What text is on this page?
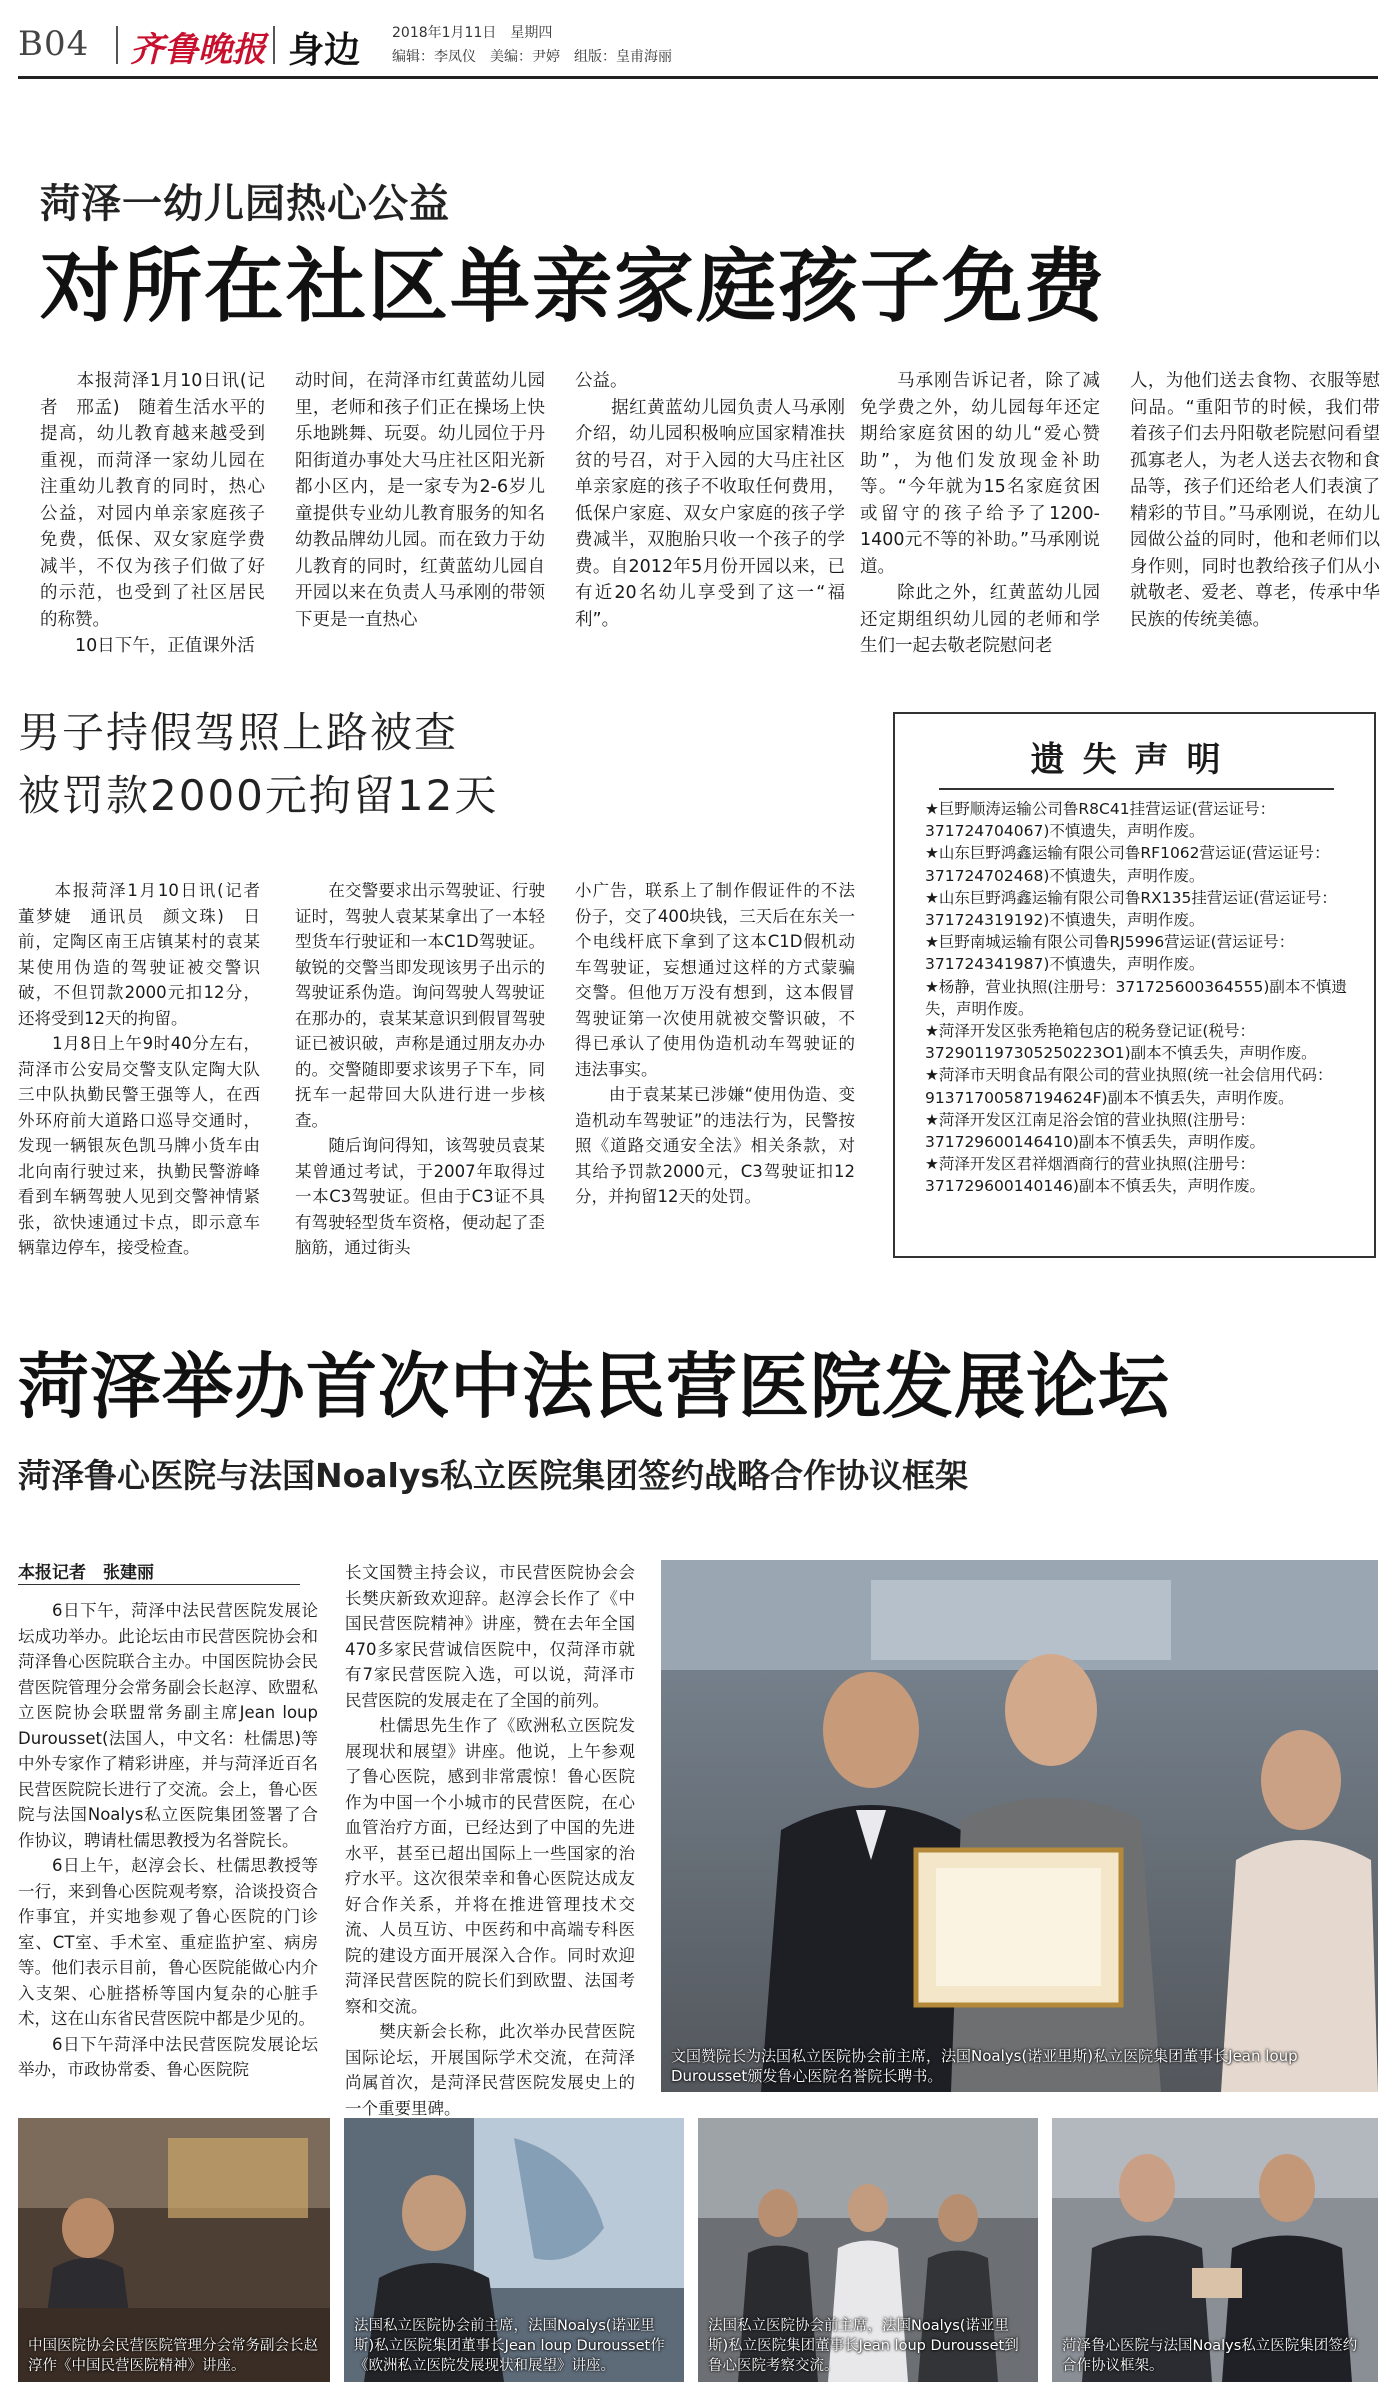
B04 齐鲁晚报 身边 2018年1月11日　星期四
编辑：李凤仪　美编：尹婷　组版：皇甫海丽
菏泽一幼儿园热心公益
对所在社区单亲家庭孩子免费
　　本报菏泽1月10日讯(记者　邢孟)　随着生活水平的提高，幼儿教育越来越受到重视，而菏泽一家幼儿园在注重幼儿教育的同时，热心公益，对园内单亲家庭孩子免费，低保、双女家庭学费减半，不仅为孩子们做了好的示范，也受到了社区居民的称赞。
　　10日下午，正值课外活
动时间，在菏泽市红黄蓝幼儿园里，老师和孩子们正在操场上快乐地跳舞、玩耍。幼儿园位于丹阳街道办事处大马庄社区阳光新都小区内，是一家专为2-6岁儿童提供专业幼儿教育服务的知名幼教品牌幼儿园。而在致力于幼儿教育的同时，红黄蓝幼儿园自开园以来在负责人马承刚的带领下更是一直热心
公益。
　　据红黄蓝幼儿园负责人马承刚介绍，幼儿园积极响应国家精准扶贫的号召，对于入园的大马庄社区单亲家庭的孩子不收取任何费用，低保户家庭、双女户家庭的孩子学费减半，双胞胎只收一个孩子的学费。自2012年5月份开园以来，已有近20名幼儿享受到了这一“福利”。
　　马承刚告诉记者，除了减免学费之外，幼儿园每年还定期给家庭贫困的幼儿“爱心赞助”，为他们发放现金补助等。“今年就为15名家庭贫困或留守的孩子给予了1200-1400元不等的补助。”马承刚说道。
　　除此之外，红黄蓝幼儿园还定期组织幼儿园的老师和学生们一起去敬老院慰问老
人，为他们送去食物、衣服等慰问品。“重阳节的时候，我们带着孩子们去丹阳敬老院慰问看望孤寡老人，为老人送去衣物和食品等，孩子们还给老人们表演了精彩的节目。”马承刚说，在幼儿园做公益的同时，他和老师们以身作则，同时也教给孩子们从小就敬老、爱老、尊老，传承中华民族的传统美德。
男子持假驾照上路被查
被罚款2000元拘留12天
　　本报菏泽1月10日讯(记者　董梦婕　通讯员　颜文珠)　日前，定陶区南王店镇某村的袁某某使用伪造的驾驶证被交警识破，不但罚款2000元扣12分，还将受到12天的拘留。
　　1月8日上午9时40分左右，菏泽市公安局交警支队定陶大队三中队执勤民警王强等人，在西外环府前大道路口巡导交通时，发现一辆银灰色凯马牌小货车由北向南行驶过来，执勤民警游峰看到车辆驾驶人见到交警神情紧张，欲快速通过卡点，即示意车辆靠边停车，接受检查。
　　在交警要求出示驾驶证、行驶证时，驾驶人袁某某拿出了一本轻型货车行驶证和一本C1D驾驶证。敏锐的交警当即发现该男子出示的驾驶证系伪造。询问驾驶人驾驶证在那办的，袁某某意识到假冒驾驶证已被识破，声称是通过朋友办办的。交警随即要求该男子下车，同抚车一起带回大队进行进一步核查。
　　随后询问得知，该驾驶员袁某某曾通过考试，于2007年取得过一本C3驾驶证。但由于C3证不具有驾驶轻型货车资格，便动起了歪脑筋，通过街头
小广告，联系上了制作假证件的不法份子，交了400块钱，三天后在东关一个电线杆底下拿到了这本C1D假机动车驾驶证，妄想通过这样的方式蒙骗交警。但他万万没有想到，这本假冒驾驶证第一次使用就被交警识破，不得已承认了使用伪造机动车驾驶证的违法事实。
　　由于袁某某已涉嫌“使用伪造、变造机动车驾驶证”的违法行为，民警按照《道路交通安全法》相关条款，对其给予罚款2000元，C3驾驶证扣12分，并拘留12天的处罚。
遗失声明
★巨野顺涛运输公司鲁R8C41挂营运证(营运证号：371724704067)不慎遗失，声明作废。
★山东巨野鸿鑫运输有限公司鲁RF1062营运证(营运证号：371724702468)不慎遗失，声明作废。
★山东巨野鸿鑫运输有限公司鲁RX135挂营运证(营运证号：371724319192)不慎遗失，声明作废。
★巨野南城运输有限公司鲁RJ5996营运证(营运证号：371724341987)不慎遗失，声明作废。
★杨静，营业执照(注册号：371725600364555)副本不慎遗失，声明作废。
★菏泽开发区张秀艳箱包店的税务登记证(税号：372901197305250223O1)副本不慎丢失，声明作废。
★菏泽市天明食品有限公司的营业执照(统一社会信用代码：91371700587194624F)副本不慎丢失，声明作废。
★菏泽开发区江南足浴会馆的营业执照(注册号：371729600146410)副本不慎丢失，声明作废。
★菏泽开发区君祥烟酒商行的营业执照(注册号：371729600140146)副本不慎丢失，声明作废。
菏泽举办首次中法民营医院发展论坛
菏泽鲁心医院与法国Noalys私立医院集团签约战略合作协议框架
本报记者　张建丽
　　6日下午，菏泽中法民营医院发展论坛成功举办。此论坛由市民营医院协会和菏泽鲁心医院联合主办。中国医院协会民营医院管理分会常务副会长赵淳、欧盟私立医院协会联盟常务副主席Jean loup Durousset(法国人，中文名：杜儒思)等中外专家作了精彩讲座，并与菏泽近百名民营医院院长进行了交流。会上，鲁心医院与法国Noalys私立医院集团签署了合作协议，聘请杜儒思教授为名誉院长。
　　6日上午，赵淳会长、杜儒思教授等一行，来到鲁心医院观考察，洽谈投资合作事宜，并实地参观了鲁心医院的门诊室、CT室、手术室、重症监护室、病房等。他们表示目前，鲁心医院能做心内介入支架、心脏搭桥等国内复杂的心脏手术，这在山东省民营医院中都是少见的。
　　6日下午菏泽中法民营医院发展论坛举办，市政协常委、鲁心医院院
长文国赞主持会议，市民营医院协会会长樊庆新致欢迎辞。赵淳会长作了《中国民营医院精神》讲座，赞在去年全国470多家民营诚信医院中，仅菏泽市就有7家民营医院入选，可以说，菏泽市民营医院的发展走在了全国的前列。
　　杜儒思先生作了《欧洲私立医院发展现状和展望》讲座。他说，上午参观了鲁心医院，感到非常震惊！鲁心医院作为中国一个小城市的民营医院，在心血管治疗方面，已经达到了中国的先进水平，甚至已超出国际上一些国家的治疗水平。这次很荣幸和鲁心医院达成友好合作关系，并将在推进管理技术交流、人员互访、中医药和中高端专科医院的建设方面开展深入合作。同时欢迎菏泽民营医院的院长们到欧盟、法国考察和交流。
　　樊庆新会长称，此次举办民营医院国际论坛，开展国际学术交流，在菏泽尚属首次，是菏泽民营医院发展史上的一个重要里碑。
文国赞院长为法国私立医院协会前主席，法国Noalys(诺亚里斯)私立医院集团董事长Jean loup Durousset颁发鲁心医院名誉院长聘书。
中国医院协会民营医院管理分会常务副会长赵淳作《中国民营医院精神》讲座。
法国私立医院协会前主席，法国Noalys(诺亚里斯)私立医院集团董事长Jean loup Durousset作《欧洲私立医院发展现状和展望》讲座。
法国私立医院协会前主席，法国Noalys(诺亚里斯)私立医院集团董事长Jean loup Durousset到鲁心医院考察交流。
菏泽鲁心医院与法国Noalys私立医院集团签约合作协议框架。
